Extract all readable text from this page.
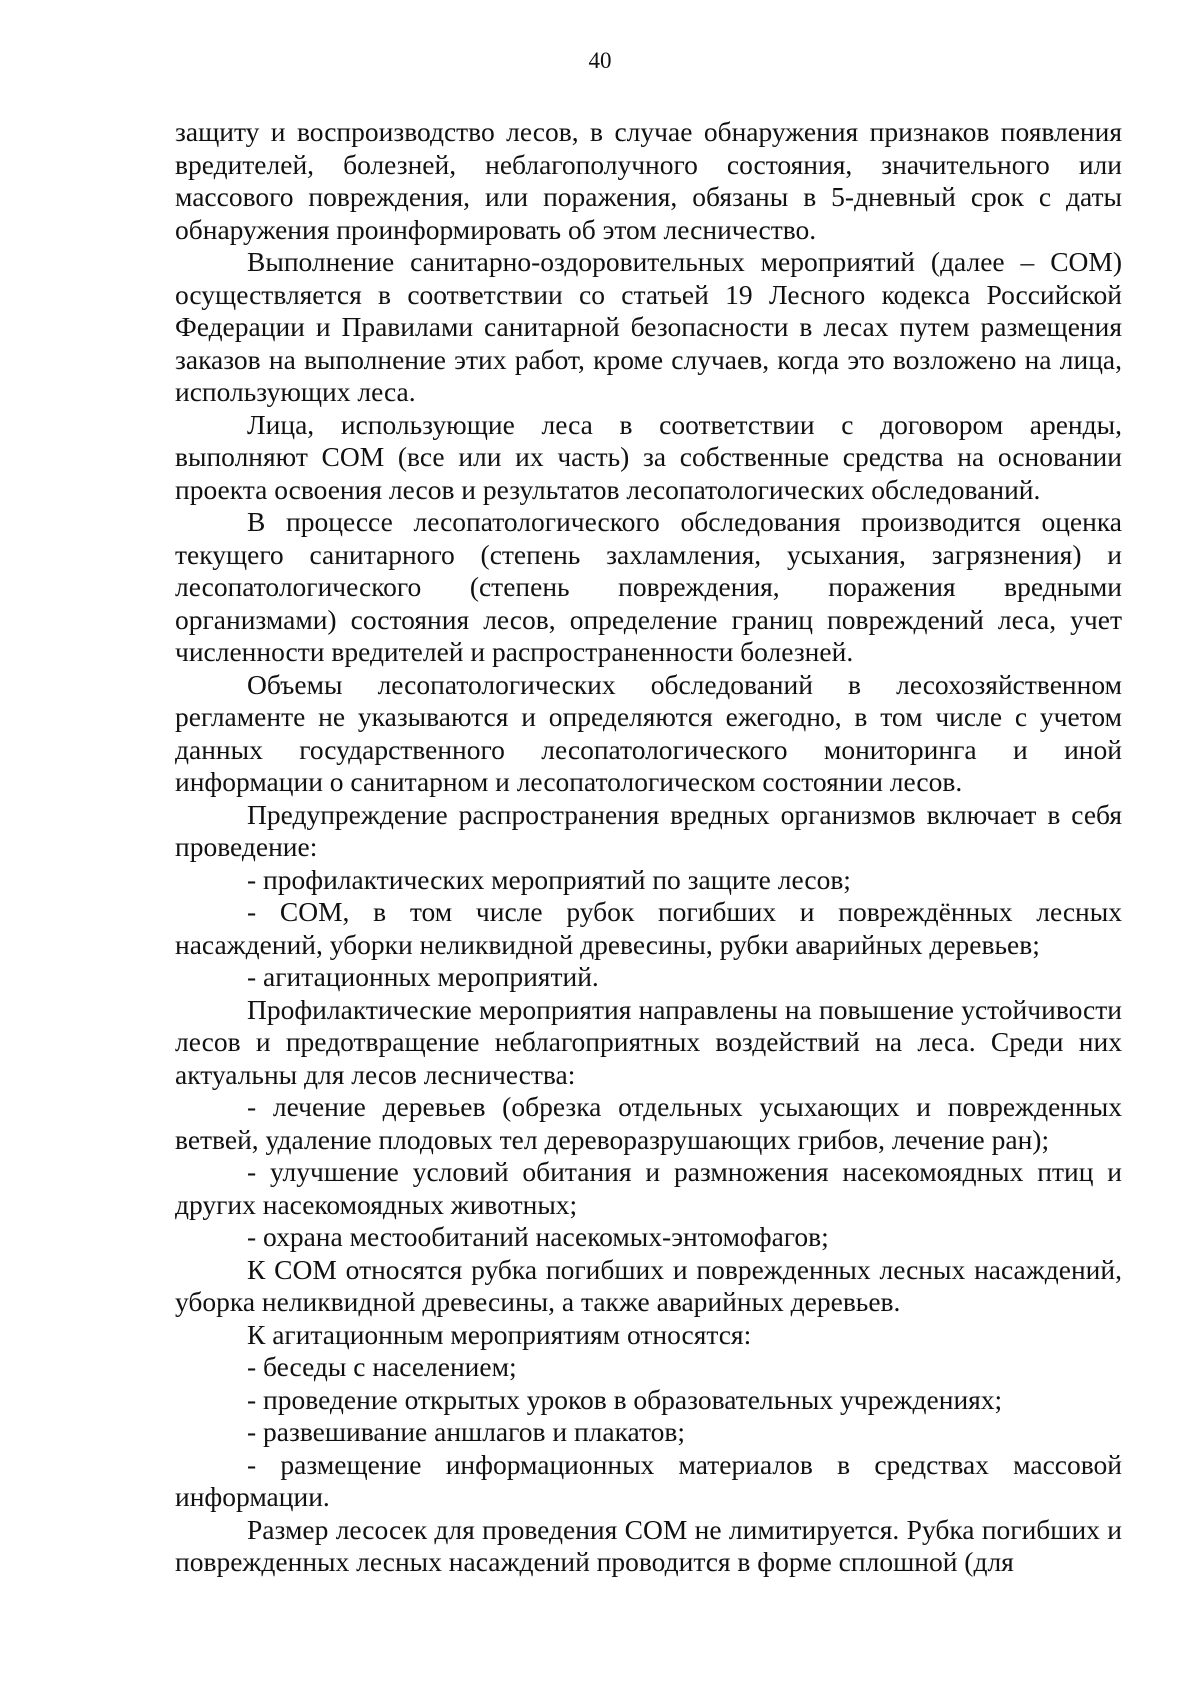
40

защиту и воспроизводство лесов, в случае обнаружения признаков появления вредителей, болезней, неблагополучного состояния, значительного или массового повреждения, или поражения, обязаны в 5-дневный срок с даты обнаружения проинформировать об этом лесничество.

Выполнение санитарно-оздоровительных мероприятий (далее – СОМ) осуществляется в соответствии со статьей 19 Лесного кодекса Российской Федерации и Правилами санитарной безопасности в лесах путем размещения заказов на выполнение этих работ, кроме случаев, когда это возложено на лица, использующих леса.

Лица, использующие леса в соответствии с договором аренды, выполняют СОМ (все или их часть) за собственные средства на основании проекта освоения лесов и результатов лесопатологических обследований.

В процессе лесопатологического обследования производится оценка текущего санитарного (степень захламления, усыхания, загрязнения) и лесопатологического (степень повреждения, поражения вредными организмами) состояния лесов, определение границ повреждений леса, учет численности вредителей и распространенности болезней.

Объемы лесопатологических обследований в лесохозяйственном регламенте не указываются и определяются ежегодно, в том числе с учетом данных государственного лесопатологического мониторинга и иной информации о санитарном и лесопатологическом состоянии лесов.

Предупреждение распространения вредных организмов включает в себя проведение:

- профилактических мероприятий по защите лесов;

- СОМ, в том числе рубок погибших и повреждённых лесных насаждений, уборки неликвидной древесины, рубки аварийных деревьев;

- агитационных мероприятий.

Профилактические мероприятия направлены на повышение устойчивости лесов и предотвращение неблагоприятных воздействий на леса. Среди них актуальны для лесов лесничества:

- лечение деревьев (обрезка отдельных усыхающих и поврежденных ветвей, удаление плодовых тел дереворазрушающих грибов, лечение ран);

- улучшение условий обитания и размножения насекомоядных птиц и других насекомоядных животных;

- охрана местообитаний насекомых-энтомофагов;

К СОМ относятся рубка погибших и поврежденных лесных насаждений, уборка неликвидной древесины, а также аварийных деревьев.

К агитационным мероприятиям относятся:

- беседы с населением;

- проведение открытых уроков в образовательных учреждениях;

- развешивание аншлагов и плакатов;

- размещение информационных материалов в средствах массовой информации.

Размер лесосек для проведения СОМ не лимитируется. Рубка погибших и поврежденных лесных насаждений проводится в форме сплошной (для
